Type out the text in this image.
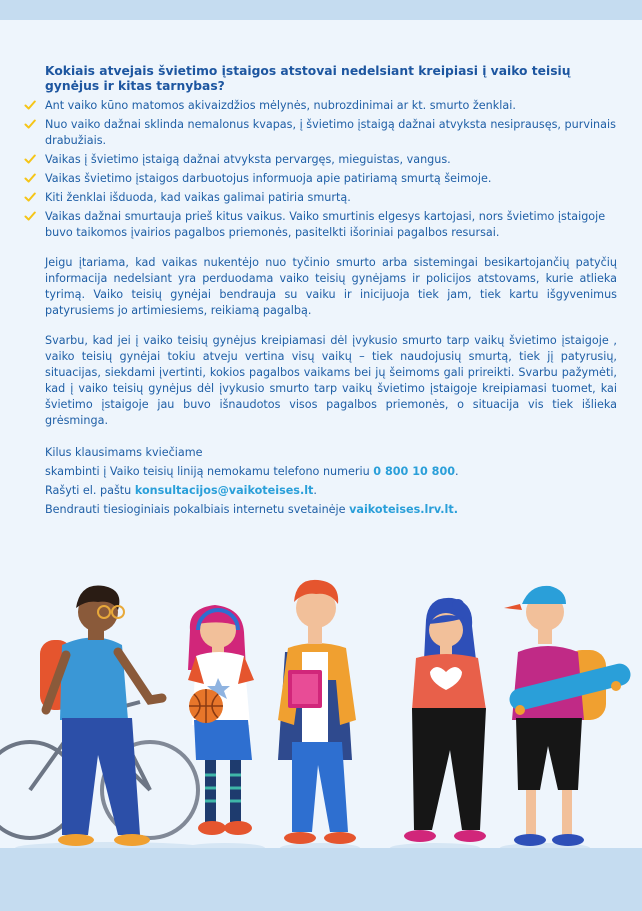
Kokiais atvejais švietimo įstaigos atstovai nedelsiant kreipiasi į vaiko teisių gynėjus ir kitas tarnybas?
Ant vaiko kūno matomos akivaizdžios mėlynės, nubrozdinimai ar kt. smurto ženklai.
Nuo vaiko dažnai sklinda nemalonus kvapas, į švietimo įstaigą dažnai atvyksta nesiprausęs, purvinais drabužiais.
Vaikas į švietimo įstaigą dažnai atvyksta pervargęs, mieguistas, vangus.
Vaikas švietimo įstaigos darbuotojus informuoja apie patiriamą smurtą šeimoje.
Kiti ženklai išduoda, kad vaikas galimai patiria smurtą.
Vaikas dažnai smurtauja prieš kitus vaikus. Vaiko smurtinis elgesys kartojasi, nors švietimo įstaigoje buvo taikomos įvairios pagalbos priemonės, pasitelkti išoriniai pagalbos resursai.

Jeigu įtariama, kad vaikas nukentėjo nuo tyčinio smurto arba sistemingai besikartojančių patyčių informacija nedelsiant yra perduodama vaiko teisių gynėjams ir policijos atstovams, kurie atlieka tyrimą. Vaiko teisių gynėjai bendrauja su vaiku ir inicijuoja tiek jam, tiek kartu išgyvenimus patyrusiems jo artimiesiems, reikiamą pagalbą.

Svarbu, kad jei į vaiko teisių gynėjus kreipiamasi dėl įvykusio smurto tarp vaikų švietimo įstaigoje , vaiko teisių gynėjai tokiu atveju vertina visų vaikų – tiek naudojusių smurtą, tiek jį patyrusių, situacijas, siekdami įvertinti, kokios pagalbos vaikams bei jų šeimoms gali prireikti. Svarbu pažymėti, kad į vaiko teisių gynėjus dėl įvykusio smurto tarp vaikų švietimo įstaigoje kreipiamasi tuomet, kai švietimo įstaigoje jau buvo išnaudotos visos pagalbos priemonės, o situacija vis tiek išlieka grėsminga.

Kilus klausimams kviečiame
skambinti į Vaiko teisių liniją nemokamu telefono numeriu 0 800 10 800.
Rašyti el. paštu konsultacijos@vaikoteises.lt.
Bendrauti tiesioginiais pokalbiais internetu svetainėje vaikoteises.lrv.lt.
